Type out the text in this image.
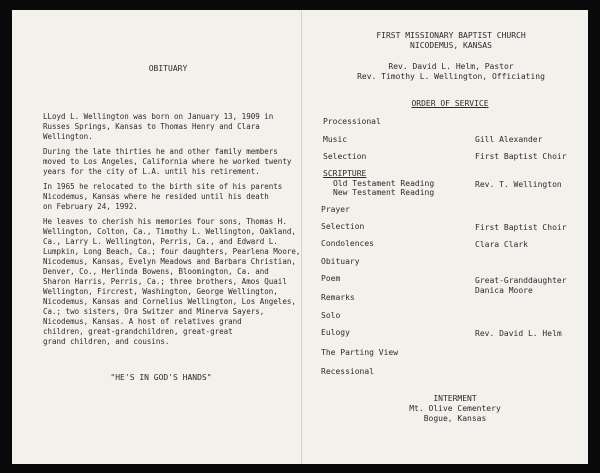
OBITUARY
LLoyd L. Wellington was born on January 13, 1909 in
Russes Springs, Kansas to Thomas Henry and Clara
Wellington.
During the late thirties he and other family members
moved to Los Angeles, California where he worked twenty
years for the city of L.A. until his retirement.
In 1965 he relocated to the birth site of his parents
Nicodemus, Kansas where he resided until his death
on February 24, 1992.
He leaves to cherish his memories four sons, Thomas H.
Wellington, Colton, Ca., Timothy L. Wellington, Oakland,
Ca., Larry L. Wellington, Perris, Ca., and Edward L.
Lumpkin, Long Beach, Ca.; four daughters, Pearlena Moore,
Nicodemus, Kansas, Evelyn Meadows and Barbara Christian,
Denver, Co., Herlinda Bowens, Bloomington, Ca. and
Sharon Harris, Perris, Ca.; three brothers, Amos Quail
Wellington, Fircrest, Washington, George Wellington,
Nicodemus, Kansas and Cornelius Wellington, Los Angeles,
Ca.; two sisters, Ora Switzer and Minerva Sayers,
Nicodemus, Kansas. A host of relatives grand
children, great-grandchildren, great-great
grand children, and cousins.
"HE'S IN GOD'S HANDS"
FIRST MISSIONARY BAPTIST CHURCH
NICODEMUS, KANSAS
Rev. David L. Helm, Pastor
Rev. Timothy L. Wellington, Officiating
ORDER OF SERVICE
Processional
Music	Gill Alexander
Selection	First Baptist Choir
SCRIPTURE
Old Testament Reading	Rev. T. Wellington
New Testament Reading
Prayer
Selection	First Baptist Choir
Condolences	Clara Clark
Obituary
Poem	Great-Granddaughter
Danica Moore
Remarks
Solo
Eulogy	Rev. David L. Helm
The Parting View
Recessional
INTERMENT
Mt. Olive Cementery
Bogue, Kansas
